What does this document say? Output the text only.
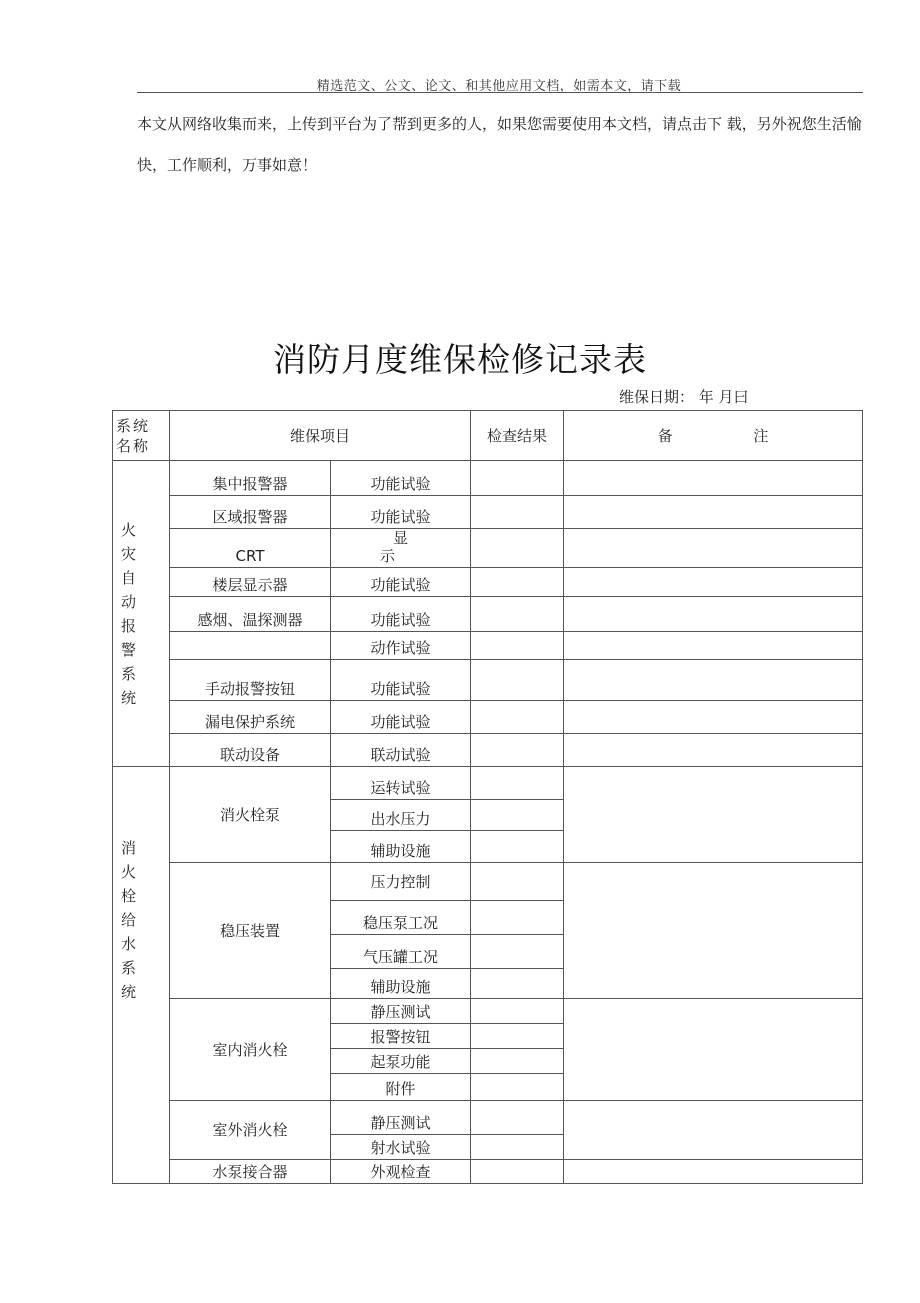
精选范文、公文、论文、和其他应用文档，如需本文，请下载
本文从网络收集而来，上传到平台为了帮到更多的人，如果您需要使用本文档，请点击下 载，另外祝您生活愉快，工作顺利，万事如意！
消防月度维保检修记录表
维保日期： 年 月曰
系统 名称	维保项目		检查结果	备 注
火灾自动报警系统	集中报警器	功能试验		
	区域报警器	功能试验		
	CRT	显 示		
	楼层显示器	功能试验		
	感烟、温探测器	功能试验		
		动作试验		
	手动报警按钮	功能试验		
	漏电保护系统	功能试验		
	联动设备	联动试验		
消火栓给水系统	消火栓泵	运转试验		
		出水压力		
		辅助设施		
	稳压装置	压力控制		
		稳压泵工况		
		气压罐工况		
		辅助设施		
	室内消火栓	静压测试		
		报警按钮		
		起泵功能		
		附件		
	室外消火栓	静压测试		
		射水试验		
	水泵接合器	外观检查		
